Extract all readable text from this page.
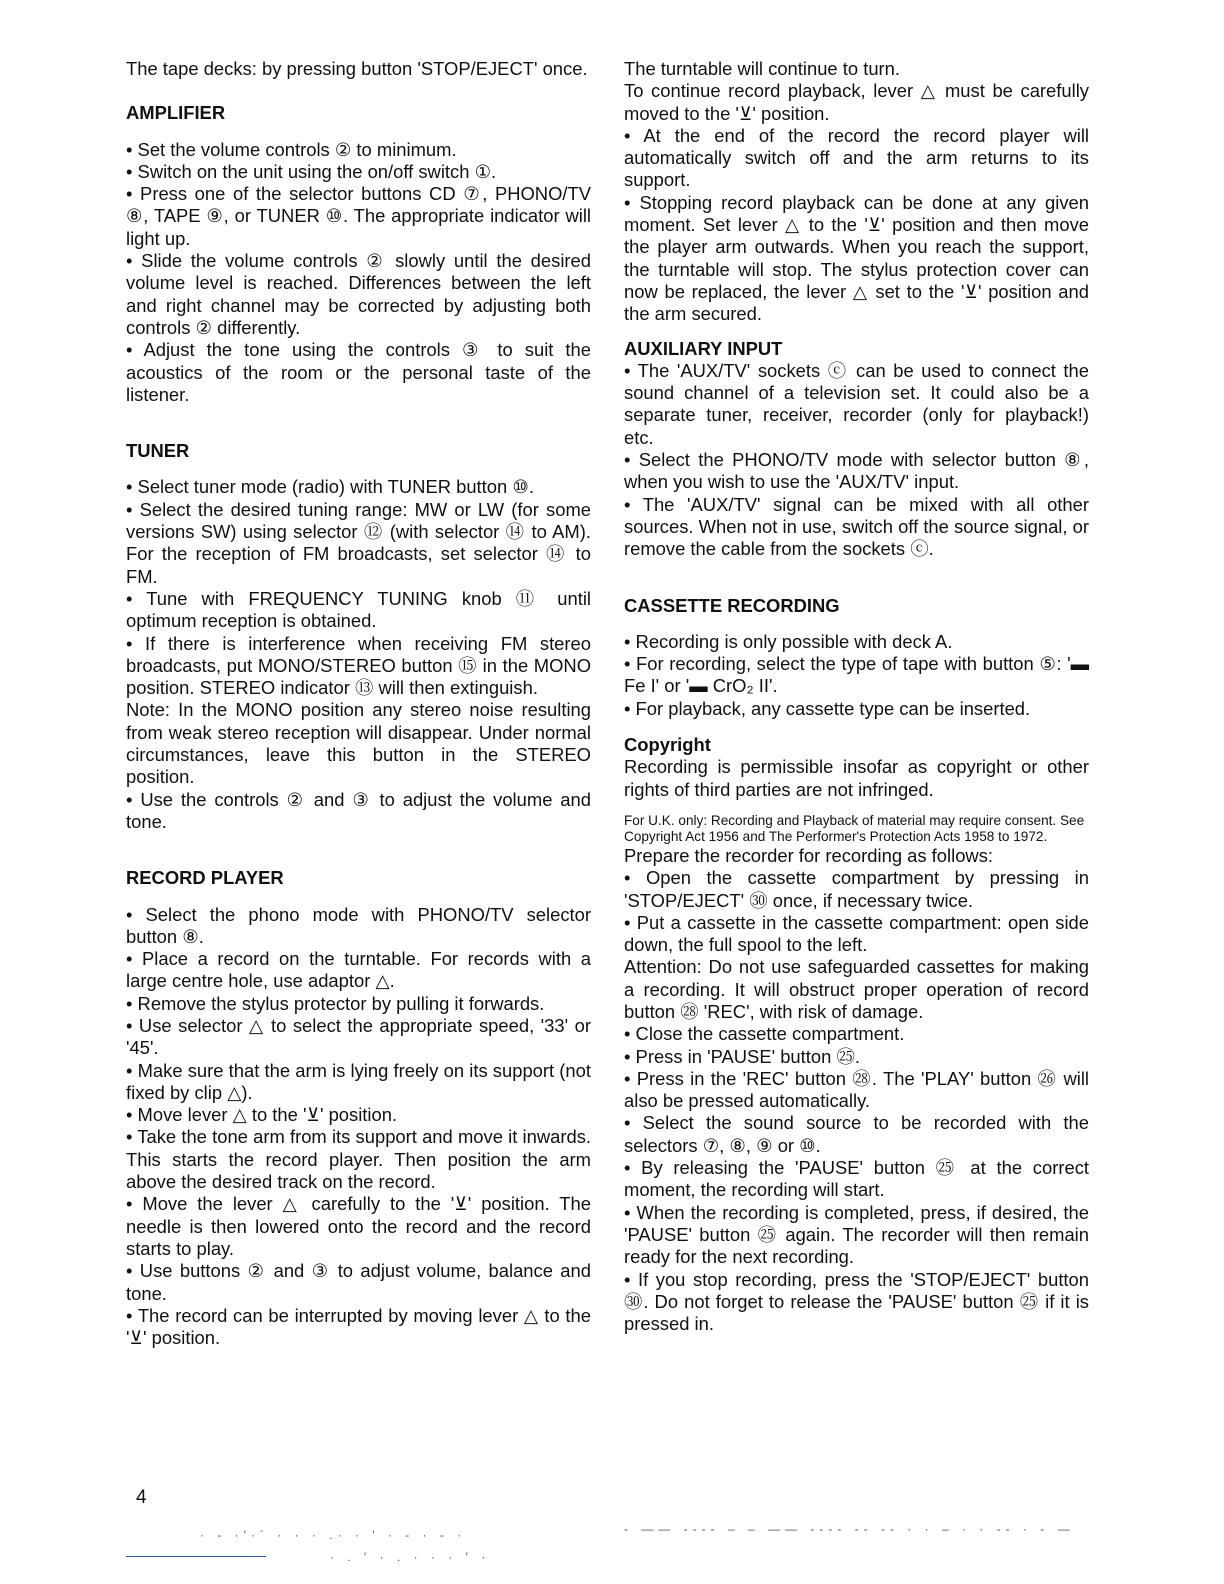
The tape decks: by pressing button 'STOP/EJECT' once.

AMPLIFIER

• Set the volume controls ② to minimum.

• Switch on the unit using the on/off switch ①.

• Press one of the selector buttons CD ⑦, PHONO/TV ⑧, TAPE ⑨, or TUNER ⑩. The appropriate indicator will light up.

• Slide the volume controls ② slowly until the desired volume level is reached. Differences between the left and right channel may be corrected by adjusting both controls ② differently.

• Adjust the tone using the controls ③ to suit the acoustics of the room or the personal taste of the listener.

TUNER

• Select tuner mode (radio) with TUNER button ⑩.

• Select the desired tuning range: MW or LW (for some versions SW) using selector ⑫ (with selector ⑭ to AM). For the reception of FM broadcasts, set selector ⑭ to FM.

• Tune with FREQUENCY TUNING knob ⑪ until optimum reception is obtained.

• If there is interference when receiving FM stereo broadcasts, put MONO/STEREO button ⑮ in the MONO position. STEREO indicator ⑬ will then extinguish.

Note: In the MONO position any stereo noise resulting from weak stereo reception will disappear. Under normal circumstances, leave this button in the STEREO position.

• Use the controls ② and ③ to adjust the volume and tone.

RECORD PLAYER

• Select the phono mode with PHONO/TV selector button ⑧.

• Place a record on the turntable. For records with a large centre hole, use adaptor △.

• Remove the stylus protector by pulling it forwards.

• Use selector △ to select the appropriate speed, '33' or '45'.

• Make sure that the arm is lying freely on its support (not fixed by clip △).

• Move lever △ to the '⊻' position.

• Take the tone arm from its support and move it inwards. This starts the record player. Then position the arm above the desired track on the record.

• Move the lever △ carefully to the '⊻' position. The needle is then lowered onto the record and the record starts to play.

• Use buttons ② and ③ to adjust volume, balance and tone.

• The record can be interrupted by moving lever △ to the '⊻' position.

The turntable will continue to turn.

To continue record playback, lever △ must be carefully moved to the '⊻' position.

• At the end of the record the record player will automatically switch off and the arm returns to its support.

• Stopping record playback can be done at any given moment. Set lever △ to the '⊻' position and then move the player arm outwards. When you reach the support, the turntable will stop. The stylus protection cover can now be replaced, the lever △ set to the '⊻' position and the arm secured.

AUXILIARY INPUT

• The 'AUX/TV' sockets ⓒ can be used to connect the sound channel of a television set. It could also be a separate tuner, receiver, recorder (only for playback!) etc.

• Select the PHONO/TV mode with selector button ⑧, when you wish to use the 'AUX/TV' input.

• The 'AUX/TV' signal can be mixed with all other sources. When not in use, switch off the source signal, or remove the cable from the sockets ⓒ.

CASSETTE RECORDING

• Recording is only possible with deck A.

• For recording, select the type of tape with button ⑤: '▬ Fe I' or '▬ CrO₂ II'.

• For playback, any cassette type can be inserted.

Copyright

Recording is permissible insofar as copyright or other rights of third parties are not infringed.

For U.K. only: Recording and Playback of material may require consent. See Copyright Act 1956 and The Performer's Protection Acts 1958 to 1972.

Prepare the recorder for recording as follows:

• Open the cassette compartment by pressing in 'STOP/EJECT' ㉚ once, if necessary twice.

• Put a cassette in the cassette compartment: open side down, the full spool to the left.

Attention: Do not use safeguarded cassettes for making a recording. It will obstruct proper operation of record button ㉘ 'REC', with risk of damage.

• Close the cassette compartment.

• Press in 'PAUSE' button ㉕.

• Press in the 'REC' button ㉘. The 'PLAY' button ㉖ will also be pressed automatically.

• Select the sound source to be recorded with the selectors ⑦, ⑧, ⑨ or ⑩.

• By releasing the 'PAUSE' button ㉕ at the correct moment, the recording will start.

• When the recording is completed, press, if desired, the 'PAUSE' button ㉕ again. The recorder will then remain ready for the next recording.

• If you stop recording, press the 'STOP/EJECT' button ㉚. Do not forget to release the 'PAUSE' button ㉕ if it is pressed in.

4
· - ·'·´ · · · .· · ' · - · - ·	- —— ---- – – —— ---- -- -- · · – · · -- · - —
· . ' · . · · · ' ·
